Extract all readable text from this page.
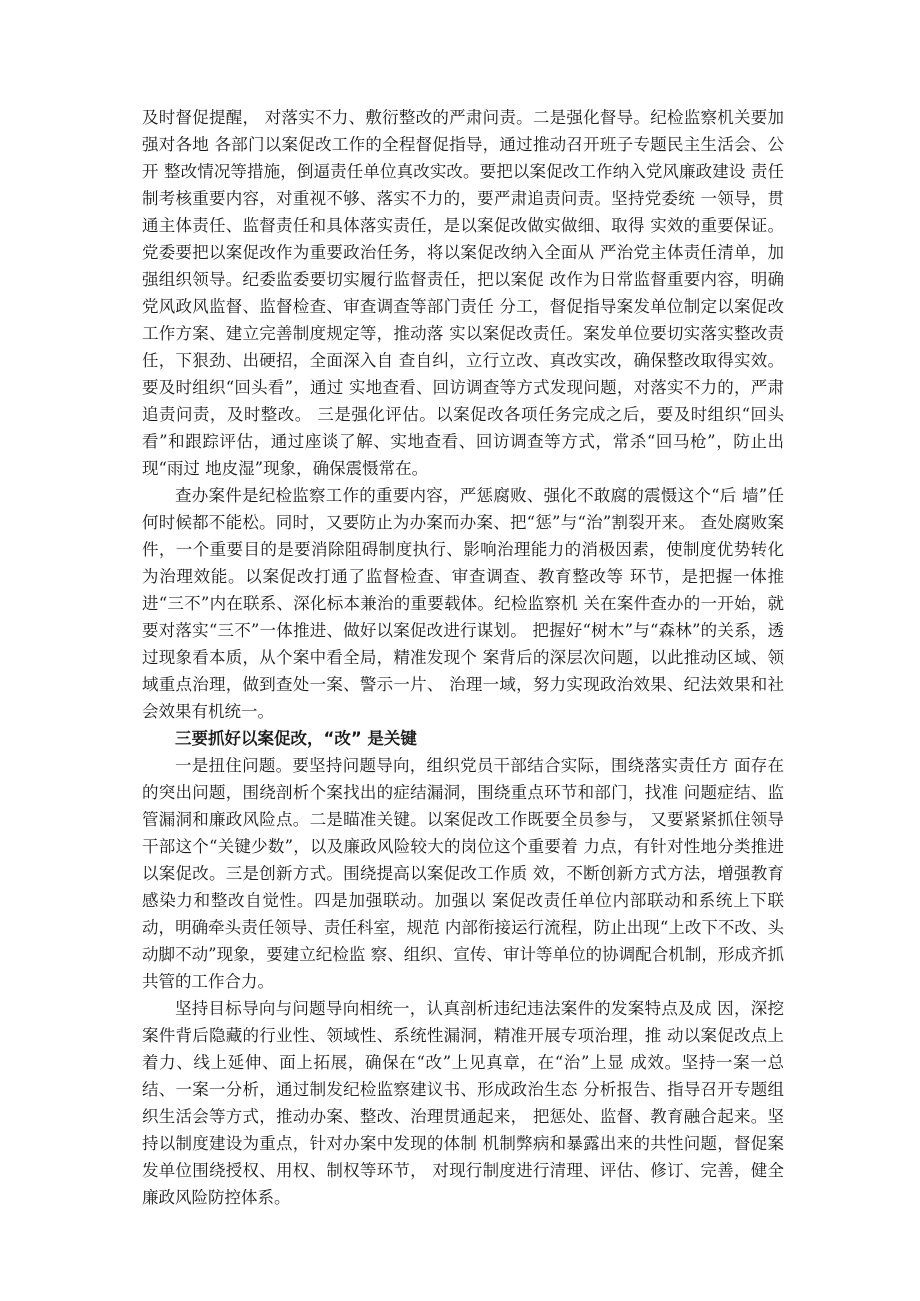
及时督促提醒， 对落实不力、敷衍整改的严肃问责。二是强化督导。纪检监察机关要加强对各地 各部门以案促改工作的全程督促指导，通过推动召开班子专题民主生活会、公开 整改情况等措施，倒逼责任单位真改实改。要把以案促改工作纳入党风廉政建设 责任制考核重要内容，对重视不够、落实不力的，要严肃追责问责。坚持党委统 一领导，贯通主体责任、监督责任和具体落实责任，是以案促改做实做细、取得 实效的重要保证。党委要把以案促改作为重要政治任务，将以案促改纳入全面从 严治党主体责任清单，加强组织领导。纪委监委要切实履行监督责任，把以案促 改作为日常监督重要内容，明确党风政风监督、监督检查、审查调查等部门责任 分工，督促指导案发单位制定以案促改工作方案、建立完善制度规定等，推动落 实以案促改责任。案发单位要切实落实整改责任，下狠劲、出硬招，全面深入自 查自纠，立行立改、真改实改，确保整改取得实效。要及时组织“回头看”，通过 实地查看、回访调查等方式发现问题，对落实不力的，严肃追责问责，及时整改。 三是强化评估。以案促改各项任务完成之后，要及时组织“回头看”和跟踪评估，通过座谈了解、实地查看、回访调查等方式，常杀“回马枪”，防止出现“雨过 地皮湿”现象，确保震慑常在。

查办案件是纪检监察工作的重要内容，严惩腐败、强化不敢腐的震慑这个“后 墙”任何时候都不能松。同时，又要防止为办案而办案、把“惩”与“治”割裂开来。 查处腐败案件，一个重要目的是要消除阻碍制度执行、影响治理能力的消极因素，使制度优势转化为治理效能。以案促改打通了监督检查、审查调查、教育整改等 环节，是把握一体推进“三不”内在联系、深化标本兼治的重要载体。纪检监察机 关在案件查办的一开始，就要对落实“三不”一体推进、做好以案促改进行谋划。 把握好“树木”与“森林”的关系，透过现象看本质，从个案中看全局，精准发现个 案背后的深层次问题，以此推动区域、领域重点治理，做到查处一案、警示一片、 治理一域，努力实现政治效果、纪法效果和社会效果有机统一。

三要抓好以案促改，“改” 是关键

一是扭住问题。要坚持问题导向，组织党员干部结合实际，围绕落实责任方 面存在的突出问题，围绕剖析个案找出的症结漏洞，围绕重点环节和部门，找准 问题症结、监管漏洞和廉政风险点。二是瞄准关键。以案促改工作既要全员参与， 又要紧紧抓住领导干部这个“关键少数”，以及廉政风险较大的岗位这个重要着 力点，有针对性地分类推进以案促改。三是创新方式。围绕提高以案促改工作质 效，不断创新方式方法，增强教育感染力和整改自觉性。四是加强联动。加强以 案促改责任单位内部联动和系统上下联动，明确牵头责任领导、责任科室，规范 内部衔接运行流程，防止出现“上改下不改、头动脚不动”现象，要建立纪检监 察、组织、宣传、审计等单位的协调配合机制，形成齐抓共管的工作合力。

坚持目标导向与问题导向相统一，认真剖析违纪违法案件的发案特点及成 因，深挖案件背后隐藏的行业性、领域性、系统性漏洞，精准开展专项治理，推 动以案促改点上着力、线上延伸、面上拓展，确保在“改”上见真章，在“治”上显 成效。坚持一案一总结、一案一分析，通过制发纪检监察建议书、形成政治生态 分析报告、指导召开专题组织生活会等方式，推动办案、整改、治理贯通起来， 把惩处、监督、教育融合起来。坚持以制度建设为重点，针对办案中发现的体制 机制弊病和暴露出来的共性问题，督促案发单位围绕授权、用权、制权等环节， 对现行制度进行清理、评估、修订、完善，健全廉政风险防控体系。
